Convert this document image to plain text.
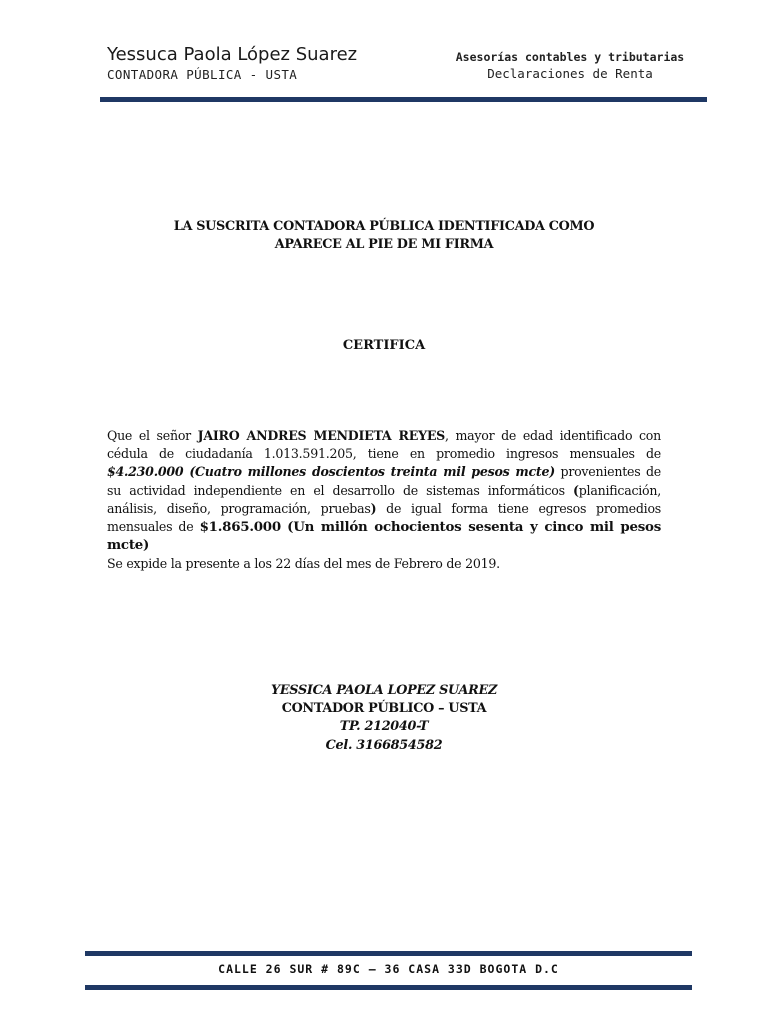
Yessuca Paola López Suarez
CONTADORA PÚBLICA - USTA
Asesorías contables y tributarias
Declaraciones de Renta
LA SUSCRITA CONTADORA PÚBLICA IDENTIFICADA COMO
APARECE AL PIE DE MI FIRMA
CERTIFICA
Que el señor JAIRO ANDRES MENDIETA REYES, mayor de edad identificado con cédula de ciudadanía 1.013.591.205, tiene en promedio ingresos mensuales de $4.230.000 (Cuatro millones doscientos treinta mil pesos mcte) provenientes de su actividad independiente en el desarrollo de sistemas informáticos (planificación, análisis, diseño, programación, pruebas) de igual forma tiene egresos promedios mensuales de $1.865.000 (Un millón ochocientos sesenta y cinco mil pesos mcte)
Se expide la presente a los 22 días del mes de Febrero de 2019.
YESSICA PAOLA LOPEZ SUAREZ
CONTADOR PÚBLICO – USTA
TP. 212040-T
Cel. 3166854582
CALLE 26 SUR # 89C – 36 CASA 33D BOGOTA D.C
